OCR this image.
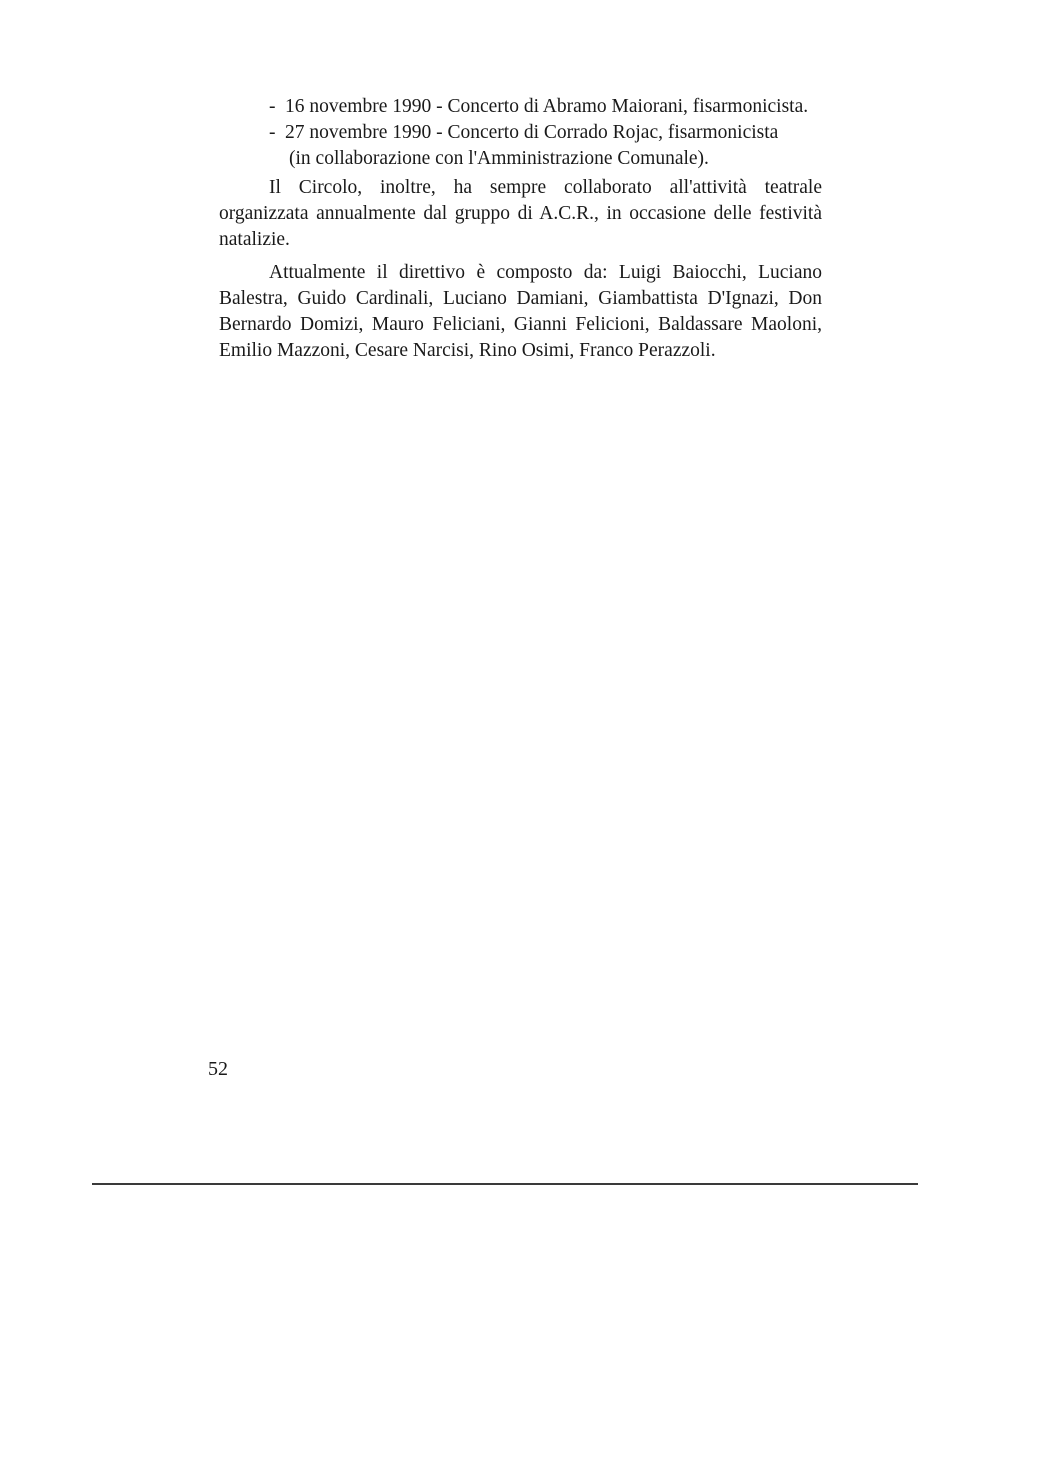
- 16 novembre 1990 - Concerto di Abramo Maiorani, fisarmonicista.
- 27 novembre 1990 - Concerto di Corrado Rojac, fisarmonicista
(in collaborazione con l'Amministrazione Comunale).
Il Circolo, inoltre, ha sempre collaborato all'attività teatrale
organizzata annualmente dal gruppo di A.C.R., in occasione delle festività
natalizie.
Attualmente il direttivo è composto da: Luigi Baiocchi, Luciano
Balestra, Guido Cardinali, Luciano Damiani, Giambattista D'Ignazi, Don
Bernardo Domizi, Mauro Feliciani, Gianni Felicioni, Baldassare Maoloni,
Emilio Mazzoni, Cesare Narcisi, Rino Osimi, Franco Perazzoli.
52
